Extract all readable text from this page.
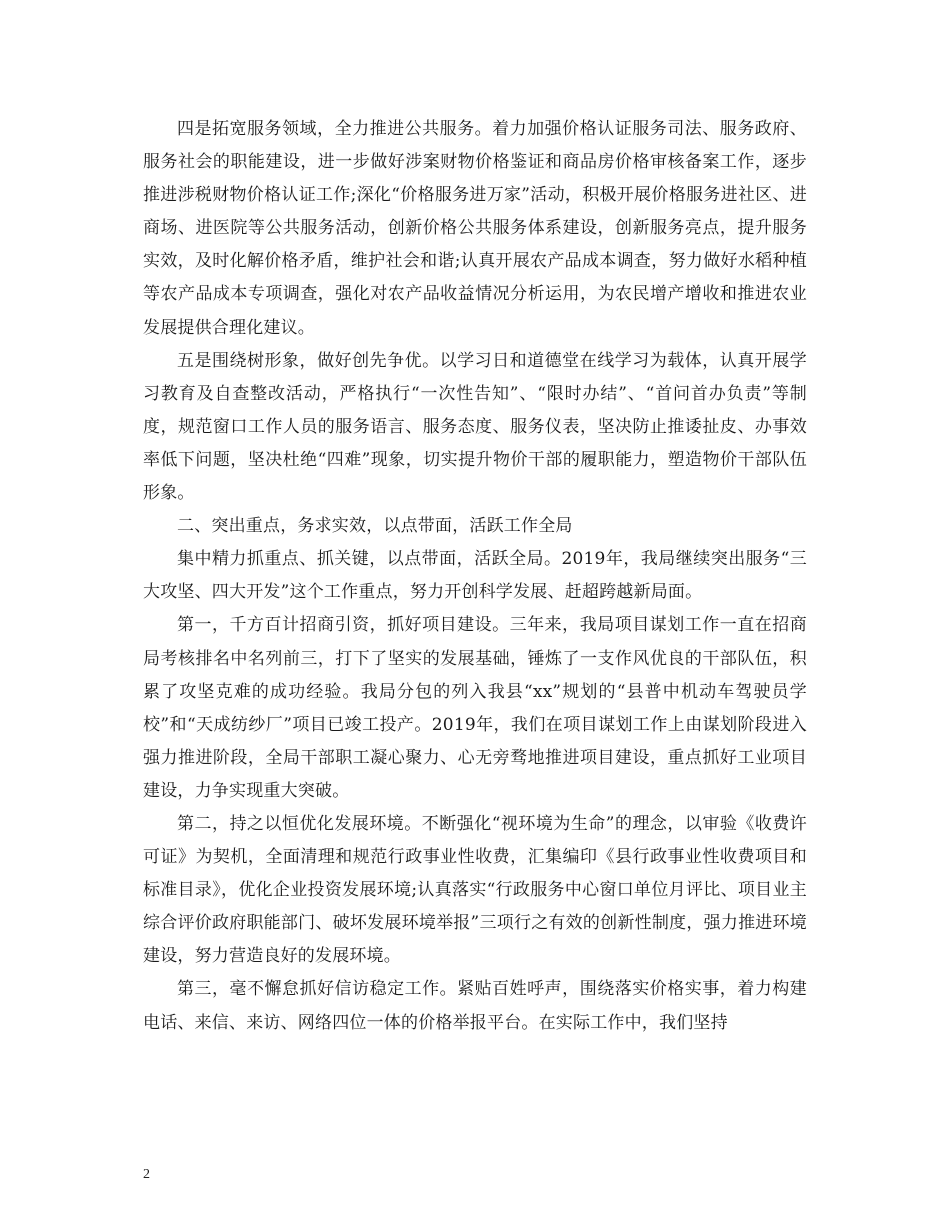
四是拓宽服务领域，全力推进公共服务。着力加强价格认证服务司法、服务政府、服务社会的职能建设，进一步做好涉案财物价格鉴证和商品房价格审核备案工作，逐步推进涉税财物价格认证工作;深化“价格服务进万家”活动，积极开展价格服务进社区、进商场、进医院等公共服务活动，创新价格公共服务体系建设，创新服务亮点，提升服务实效，及时化解价格矛盾，维护社会和谐;认真开展农产品成本调查，努力做好水稻种植等农产品成本专项调查，强化对农产品收益情况分析运用，为农民增产增收和推进农业发展提供合理化建议。

五是围绕树形象，做好创先争优。以学习日和道德堂在线学习为载体，认真开展学习教育及自查整改活动，严格执行“一次性告知”、“限时办结”、“首问首办负责”等制度，规范窗口工作人员的服务语言、服务态度、服务仪表，坚决防止推诿扯皮、办事效率低下问题，坚决杜绝“四难”现象，切实提升物价干部的履职能力，塑造物价干部队伍形象。

二、突出重点，务求实效，以点带面，活跃工作全局

集中精力抓重点、抓关键，以点带面，活跃全局。2019年，我局继续突出服务“三大攻坚、四大开发”这个工作重点，努力开创科学发展、赶超跨越新局面。

第一，千方百计招商引资，抓好项目建设。三年来，我局项目谋划工作一直在招商局考核排名中名列前三，打下了坚实的发展基础，锤炼了一支作风优良的干部队伍，积累了攻坚克难的成功经验。我局分包的列入我县“xx”规划的“县普中机动车驾驶员学校”和“天成纺纱厂”项目已竣工投产。2019年，我们在项目谋划工作上由谋划阶段进入强力推进阶段，全局干部职工凝心聚力、心无旁骛地推进项目建设，重点抓好工业项目建设，力争实现重大突破。

第二，持之以恒优化发展环境。不断强化“视环境为生命”的理念，以审验《收费许可证》为契机，全面清理和规范行政事业性收费，汇集编印《县行政事业性收费项目和标准目录》，优化企业投资发展环境;认真落实“行政服务中心窗口单位月评比、项目业主综合评价政府职能部门、破坏发展环境举报”三项行之有效的创新性制度，强力推进环境建设，努力营造良好的发展环境。

第三，毫不懈怠抓好信访稳定工作。紧贴百姓呼声，围绕落实价格实事，着力构建电话、来信、来访、网络四位一体的价格举报平台。在实际工作中，我们坚持

2
